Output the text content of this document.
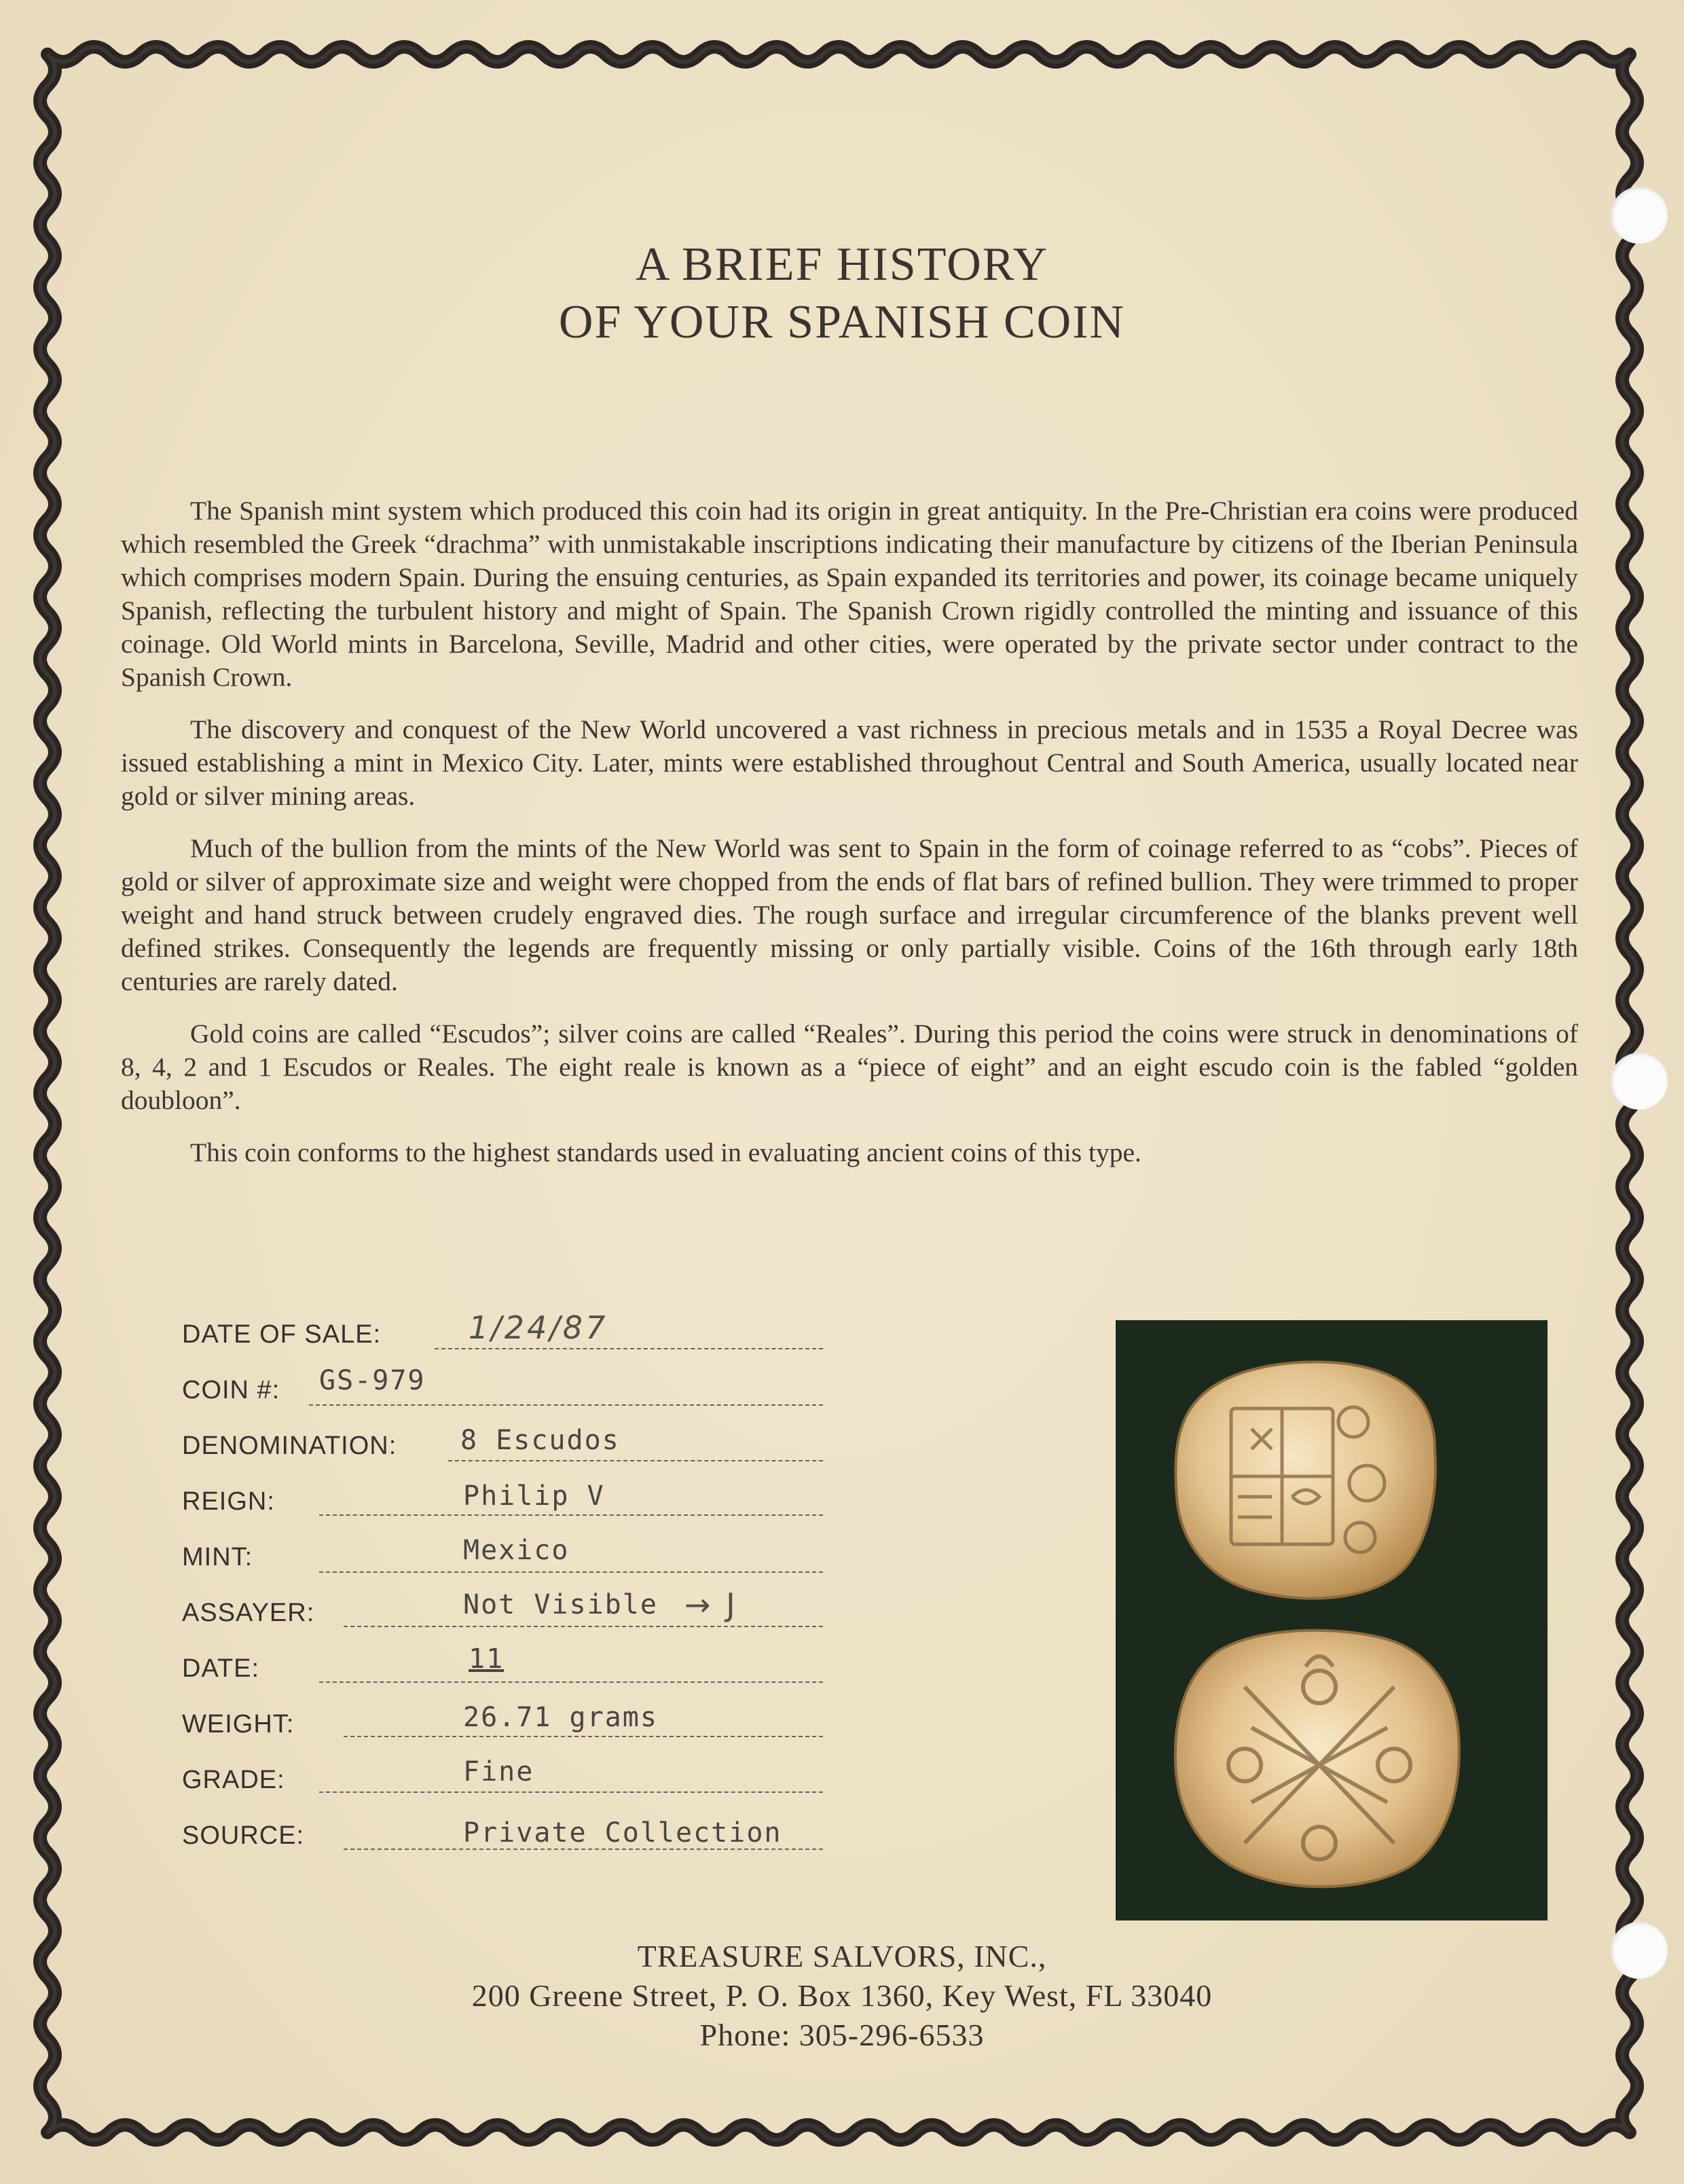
A BRIEF HISTORY
OF YOUR SPANISH COIN

The Spanish mint system which produced this coin had its origin in great antiquity. In the Pre-Christian era coins were produced which resembled the Greek “drachma” with unmistakable inscriptions indicating their manufacture by citizens of the Iberian Peninsula which comprises modern Spain. During the ensuing centuries, as Spain expanded its territories and power, its coinage became uniquely Spanish, reflecting the turbulent history and might of Spain. The Spanish Crown rigidly controlled the minting and issuance of this coinage. Old World mints in Barcelona, Seville, Madrid and other cities, were operated by the private sector under contract to the Spanish Crown.

The discovery and conquest of the New World uncovered a vast richness in precious metals and in 1535 a Royal Decree was issued establishing a mint in Mexico City. Later, mints were established throughout Central and South America, usually located near gold or silver mining areas.

Much of the bullion from the mints of the New World was sent to Spain in the form of coinage referred to as “cobs”. Pieces of gold or silver of approximate size and weight were chopped from the ends of flat bars of refined bullion. They were trimmed to proper weight and hand struck between crudely engraved dies. The rough surface and irregular circumference of the blanks prevent well defined strikes. Consequently the legends are frequently missing or only partially visible. Coins of the 16th through early 18th centuries are rarely dated.

Gold coins are called “Escudos”; silver coins are called “Reales”. During this period the coins were struck in denominations of 8, 4, 2 and 1 Escudos or Reales. The eight reale is known as a “piece of eight” and an eight escudo coin is the fabled “golden doubloon”.

This coin conforms to the highest standards used in evaluating ancient coins of this type.

DATE OF SALE:	1/24/87
COIN #: GS-979
DENOMINATION: 8 Escudos
REIGN:	Philip V
MINT:	Mexico
ASSAYER:	Not Visible → J
DATE:	11
WEIGHT:	26.71 grams
GRADE:	Fine
SOURCE:	Private Collection
TREASURE SALVORS, INC.,
200 Greene Street, P. O. Box 1360, Key West, FL 33040
Phone: 305-296-6533
